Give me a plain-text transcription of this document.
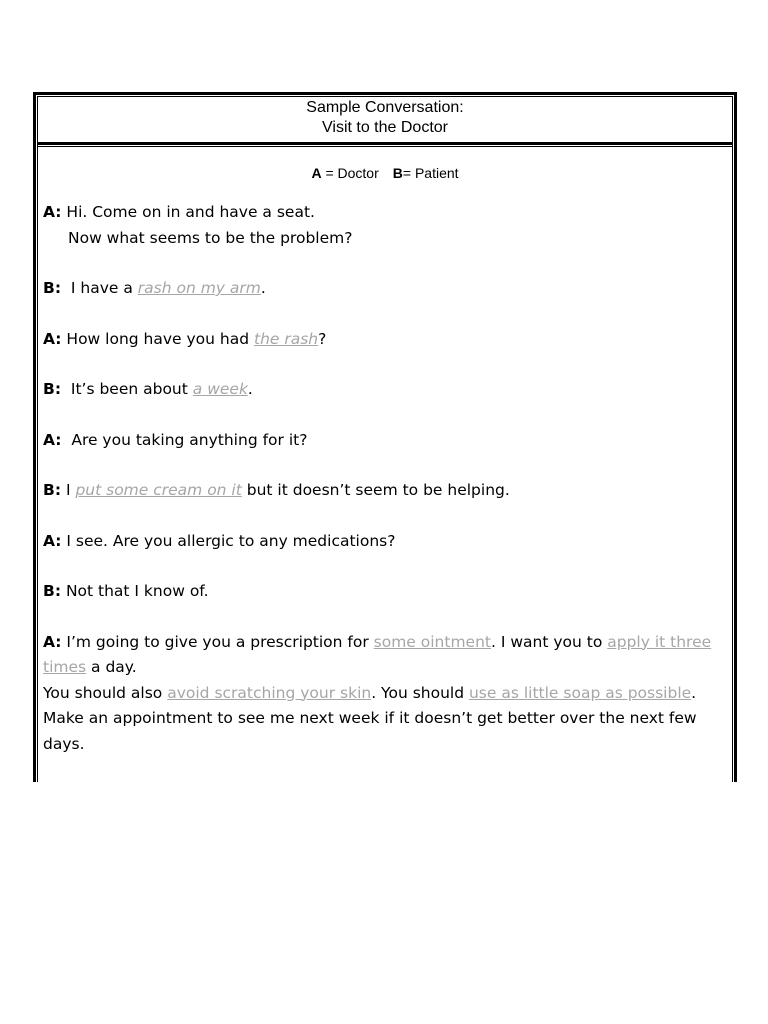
Sample Conversation:
Visit to the Doctor
A = Doctor B= Patient
A: Hi. Come on in and have a seat.
Now what seems to be the problem?
B:  I have a rash on my arm.
A: How long have you had the rash?
B:  It’s been about a week.
A:  Are you taking anything for it?
B: I put some cream on it but it doesn’t seem to be helping.
A: I see. Are you allergic to any medications?
B: Not that I know of.
A: I’m going to give you a prescription for some ointment. I want you to apply it three times a day.
You should also avoid scratching your skin. You should use as little soap as possible.
Make an appointment to see me next week if it doesn’t get better over the next few days.
